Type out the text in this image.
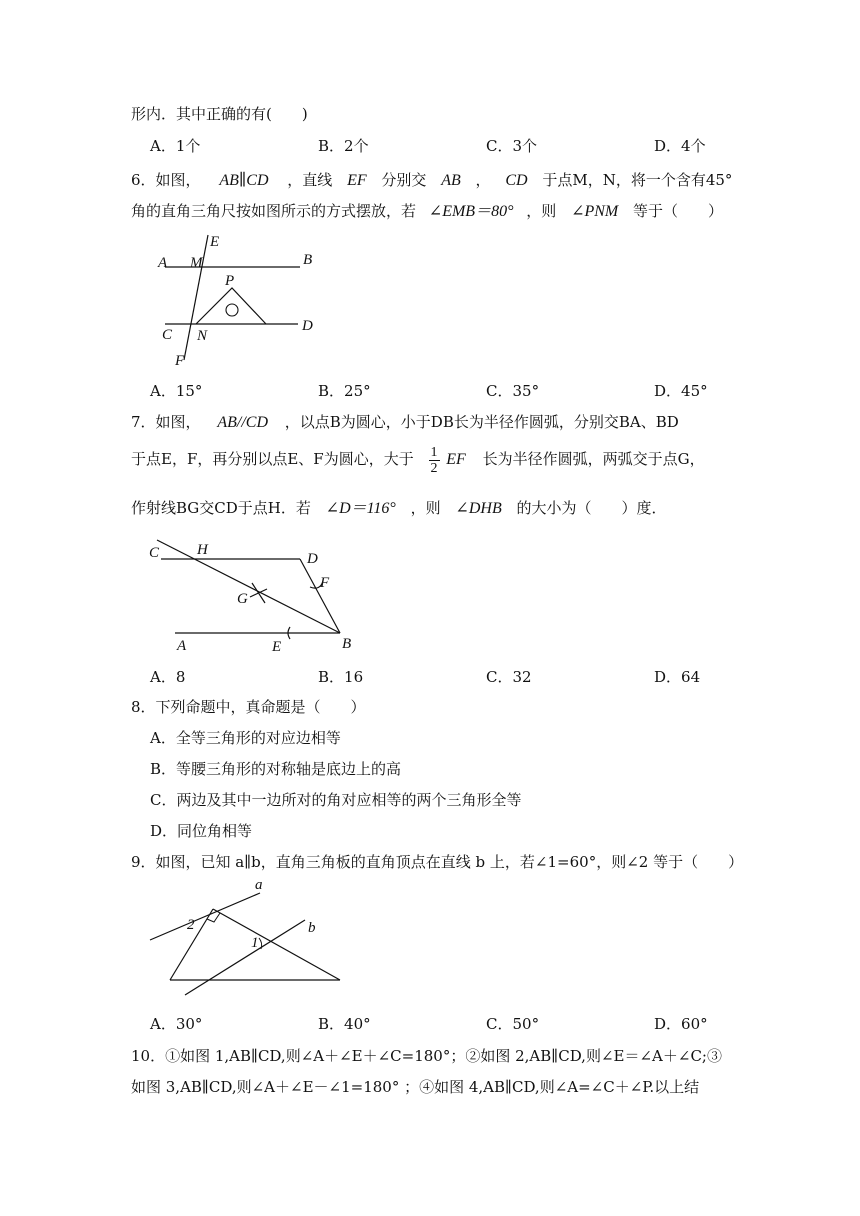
形内．其中正确的有(　　)
A．1个	B．2个	C．3个	D．4个
6．如图， AB∥CD ，直线 EF 分别交 AB ， CD 于点M，N，将一个含有45°
角的直角三角尺按如图所示的方式摆放，若 ∠EMB＝80° ，则 ∠PNM 等于（　　）
E
A M	B
P
C N
D
F
A．15°	B．25°	C．35°	D．45°
7．如图， AB//CD ，以点B为圆心，小于DB长为半径作圆弧，分别交BA、BD
于点E，F，再分别以点E、F为圆心，大于 $\frac{1}{2}$ EF 长为半径作圆弧，两弧交于点G，
作射线BG交CD于点H．若 ∠D＝116° ，则 ∠DHB 的大小为（　　）度．
C	H
D
F
G
A	E	B
A．8	B．16	C．32	D．64
8．下列命题中，真命题是（　　）
A．全等三角形的对应边相等
B．等腰三角形的对称轴是底边上的高
C．两边及其中一边所对的角对应相等的两个三角形全等
D．同位角相等
9．如图，已知 a∥b，直角三角板的直角顶点在直线 b 上，若∠1=60°，则∠2 等于（　　）
a
b
2
1
A．30°	B．40°	C．50°	D．60°
10．①如图 1,AB∥CD,则∠A＋∠E＋∠C=180°；②如图 2,AB∥CD,则∠E＝∠A＋∠C;③
如图 3,AB∥CD,则∠A＋∠E－∠1=180° ；④如图 4,AB∥CD,则∠A=∠C＋∠P.以上结
